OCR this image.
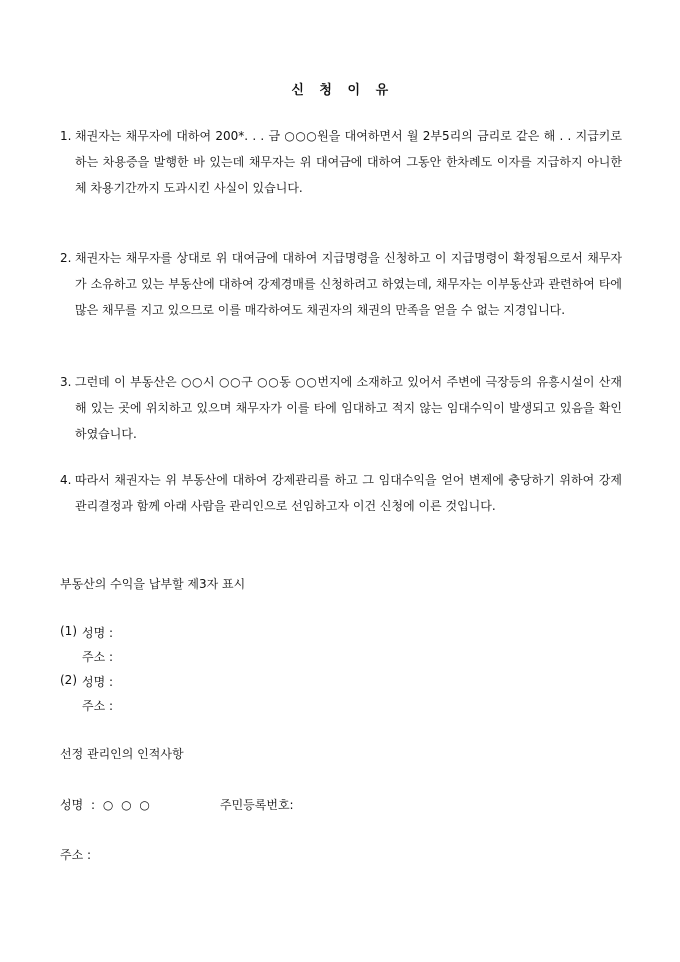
신 청 이 유
1. 채권자는 채무자에 대하여 200*. . . 금 ○○○원을 대여하면서 월 2부5리의 금리로 같은 해 . . 지급키로 하는 차용증을 발행한 바 있는데 채무자는 위 대여금에 대하여 그동안 한차례도 이자를 지급하지 아니한 체 차용기간까지 도과시킨 사실이 있습니다.
2. 채권자는 채무자를 상대로 위 대여금에 대하여 지급명령을 신청하고 이 지급명령이 확정됨으로서 채무자가 소유하고 있는 부동산에 대하여 강제경매를 신청하려고 하였는데, 채무자는 이부동산과 관련하여 타에 많은 채무를 지고 있으므로 이를 매각하여도 채권자의 채권의 만족을 얻을 수 없는 지경입니다.
3. 그런데 이 부동산은 ○○시 ○○구 ○○동 ○○번지에 소재하고 있어서 주변에 극장등의 유흥시설이 산재 해 있는 곳에 위치하고 있으며 채무자가 이를 타에 임대하고 적지 않는 임대수익이 발생되고 있음을 확인하였습니다.
4. 따라서 채권자는 위 부동산에 대하여 강제관리를 하고 그 임대수익을 얻어 변제에 충당하기 위하여 강제관리결정과 함께 아래 사람을 관리인으로 선임하고자 이건 신청에 이른 것입니다.
부동산의 수익을 납부할 제3자 표시
(1) 성명 :
주소 :
(2) 성명 :
주소 :
선정 관리인의 인적사항
성명 : ○ ○ ○	주민등록번호:
주소 :
